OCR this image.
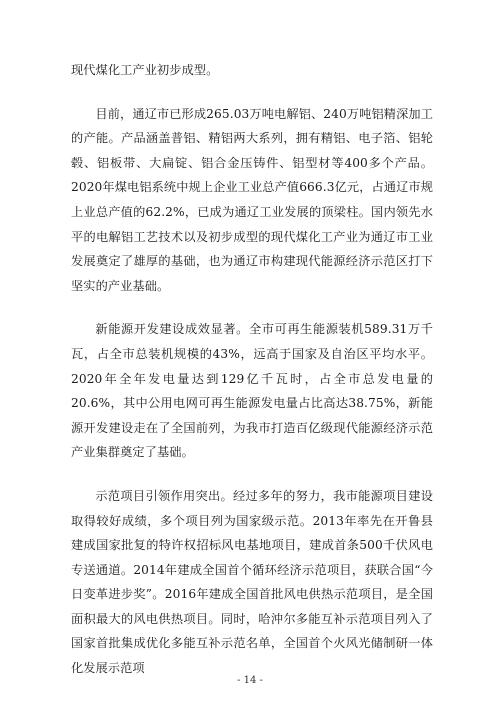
现代煤化工产业初步成型。

目前，通辽市已形成265.03万吨电解铝、240万吨铝精深加工的产能。产品涵盖普铝、精铝两大系列，拥有精铝、电子箔、铝轮毂、铝板带、大扁锭、铝合金压铸件、铝型材等400多个产品。2020年煤电铝系统中规上企业工业总产值666.3亿元，占通辽市规上业总产值的62.2%，已成为通辽工业发展的顶梁柱。国内领先水平的电解铝工艺技术以及初步成型的现代煤化工产业为通辽市工业发展奠定了雄厚的基础，也为通辽市构建现代能源经济示范区打下坚实的产业基础。

新能源开发建设成效显著。全市可再生能源装机589.31万千瓦，占全市总装机规模的43%，远高于国家及自治区平均水平。2020年全年发电量达到129亿千瓦时，占全市总发电量的20.6%，其中公用电网可再生能源发电量占比高达38.75%，新能源开发建设走在了全国前列，为我市打造百亿级现代能源经济示范产业集群奠定了基础。

示范项目引领作用突出。经过多年的努力，我市能源项目建设取得较好成绩，多个项目列为国家级示范。2013年率先在开鲁县建成国家批复的特许权招标风电基地项目，建成首条500千伏风电专送通道。2014年建成全国首个循环经济示范项目，获联合国“今日变革进步奖”。2016年建成全国首批风电供热示范项目，是全国面积最大的风电供热项目。同时，哈沖尔多能互补示范项目列入了国家首批集成优化多能互补示范名单，全国首个火风光储制研一体化发展示范项

- 14 -
